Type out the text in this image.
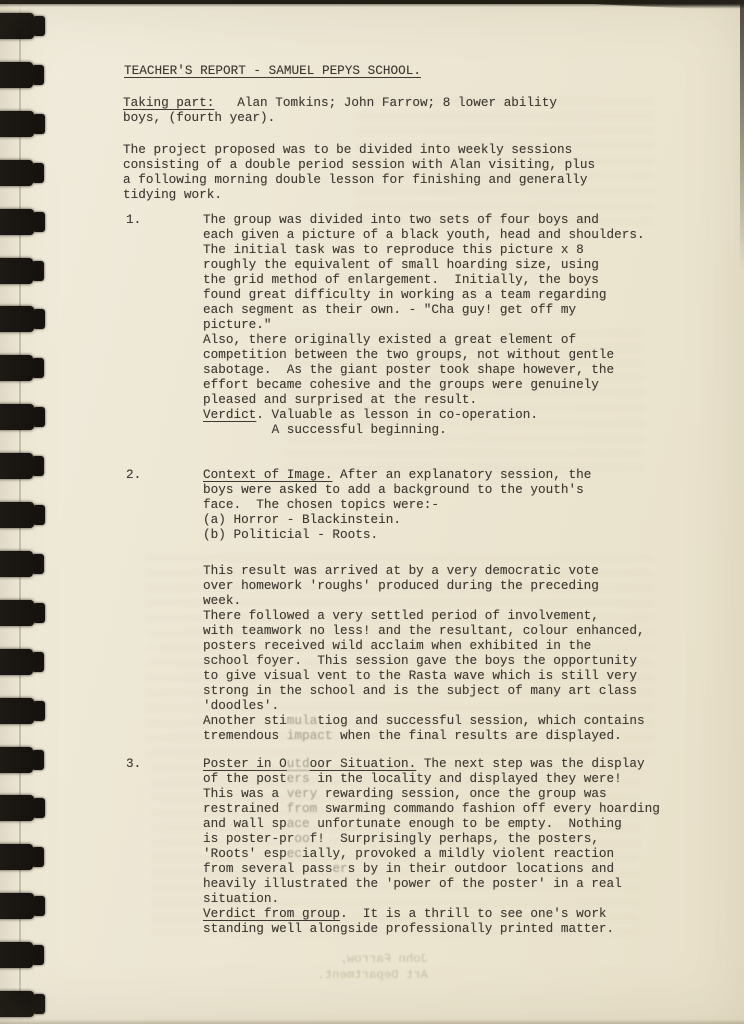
John Farrow,
Art Department.
TEACHER'S REPORT - SAMUEL PEPYS SCHOOL.
Taking part:   Alan Tomkins; John Farrow; 8 lower ability
boys, (fourth year).
The project proposed was to be divided into weekly sessions
consisting of a double period session with Alan visiting, plus
a following morning double lesson for finishing and generally
tidying work.
1.	The group was divided into two sets of four boys and
each given a picture of a black youth, head and shoulders.
The initial task was to reproduce this picture x 8
roughly the equivalent of small hoarding size, using
the grid method of enlargement.  Initially, the boys
found great difficulty in working as a team regarding
each segment as their own. - "Cha guy! get off my
picture."
Also, there originally existed a great element of
competition between the two groups, not without gentle
sabotage.  As the giant poster took shape however, the
effort became cohesive and the groups were genuinely
pleased and surprised at the result.
Verdict. Valuable as lesson in co-operation.
A successful beginning.
2.	Context of Image. After an explanatory session, the
boys were asked to add a background to the youth's
face.  The chosen topics were:-
(a) Horror - Blackinstein.
(b) Politicial - Roots.
This result was arrived at by a very democratic vote
over homework 'roughs' produced during the preceding
week.
There followed a very settled period of involvement,
with teamwork no less! and the resultant, colour enhanced,
posters received wild acclaim when exhibited in the
school foyer.  This session gave the boys the opportunity
to give visual vent to the Rasta wave which is still very
strong in the school and is the subject of many art class
'doodles'.
Another stimulatiog and successful session, which contains
tremendous impact when the final results are displayed.
3.	Poster in Outdoor Situation. The next step was the display
of the posters in the locality and displayed they were!
This was a very rewarding session, once the group was
restrained from swarming commando fashion off every hoarding
and wall space unfortunate enough to be empty.  Nothing
is poster-proof!  Surprisingly perhaps, the posters,
'Roots' especially, provoked a mildly violent reaction
from several passers by in their outdoor locations and
heavily illustrated the 'power of the poster' in a real
situation.
Verdict from group.  It is a thrill to see one's work
standing well alongside professionally printed matter.
